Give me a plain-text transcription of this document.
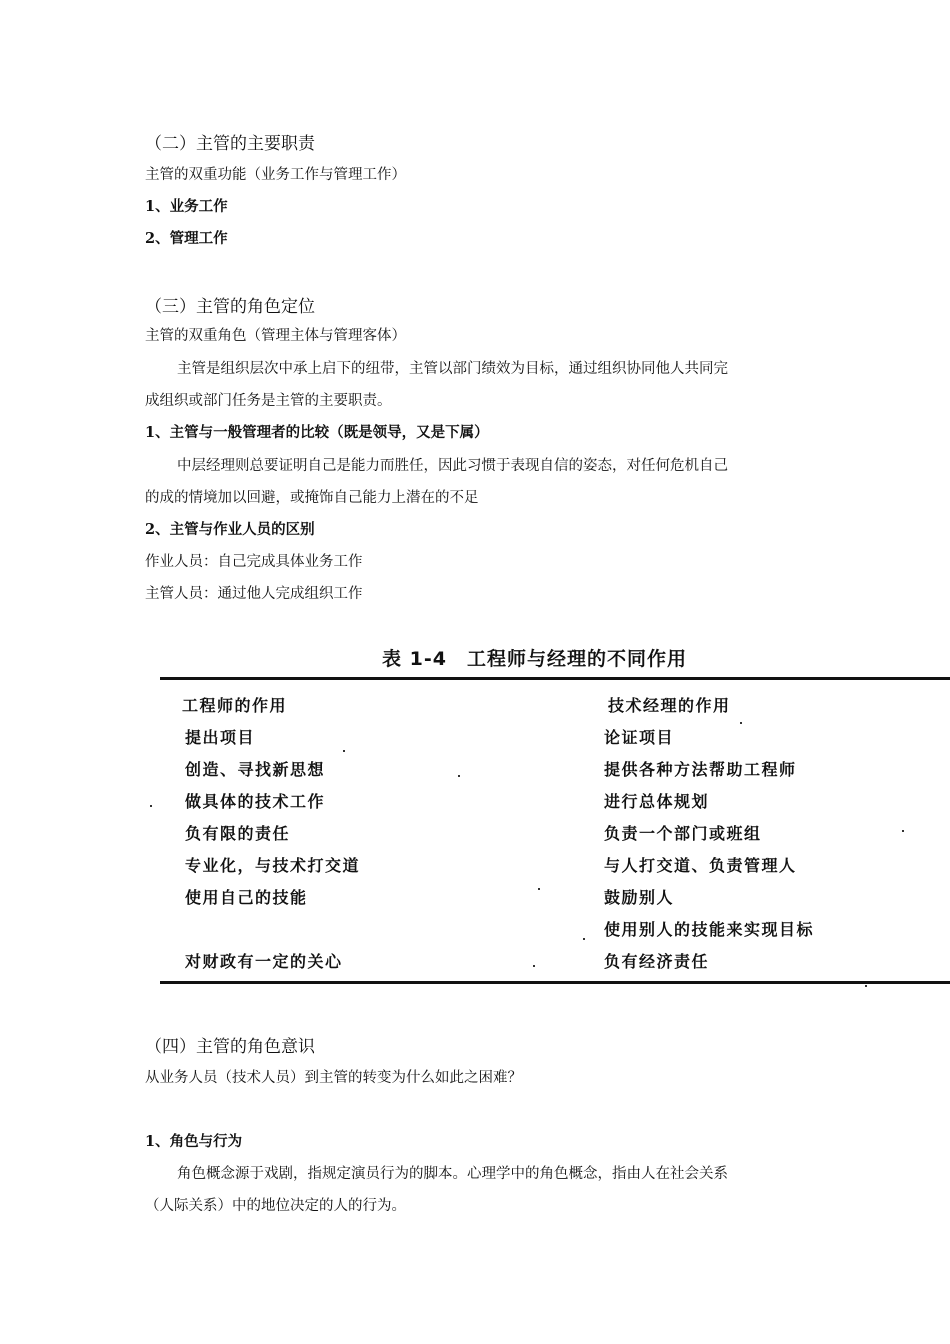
（二）主管的主要职责
主管的双重功能（业务工作与管理工作）
1、业务工作
2、管理工作
（三）主管的角色定位
主管的双重角色（管理主体与管理客体）
主管是组织层次中承上启下的纽带，主管以部门绩效为目标，通过组织协同他人共同完
成组织或部门任务是主管的主要职责。
1、主管与一般管理者的比较（既是领导，又是下属）
中层经理则总要证明自己是能力而胜任，因此习惯于表现自信的姿态，对任何危机自己
的成的情境加以回避，或掩饰自己能力上潜在的不足
2、主管与作业人员的区别
作业人员：自己完成具体业务工作
主管人员：通过他人完成组织工作
表 1-4　工程师与经理的不同作用
工程师的作用	技术经理的作用
提出项目
创造、寻找新思想
做具体的技术工作
负有限的责任
专业化，与技术打交道
使用自己的技能
对财政有一定的关心
论证项目
提供各种方法帮助工程师
进行总体规划
负责一个部门或班组
与人打交道、负责管理人
鼓励别人
使用别人的技能来实现目标
负有经济责任
（四）主管的角色意识
从业务人员（技术人员）到主管的转变为什么如此之困难？
1、角色与行为
角色概念源于戏剧，指规定演员行为的脚本。心理学中的角色概念，指由人在社会关系
（人际关系）中的地位决定的人的行为。
